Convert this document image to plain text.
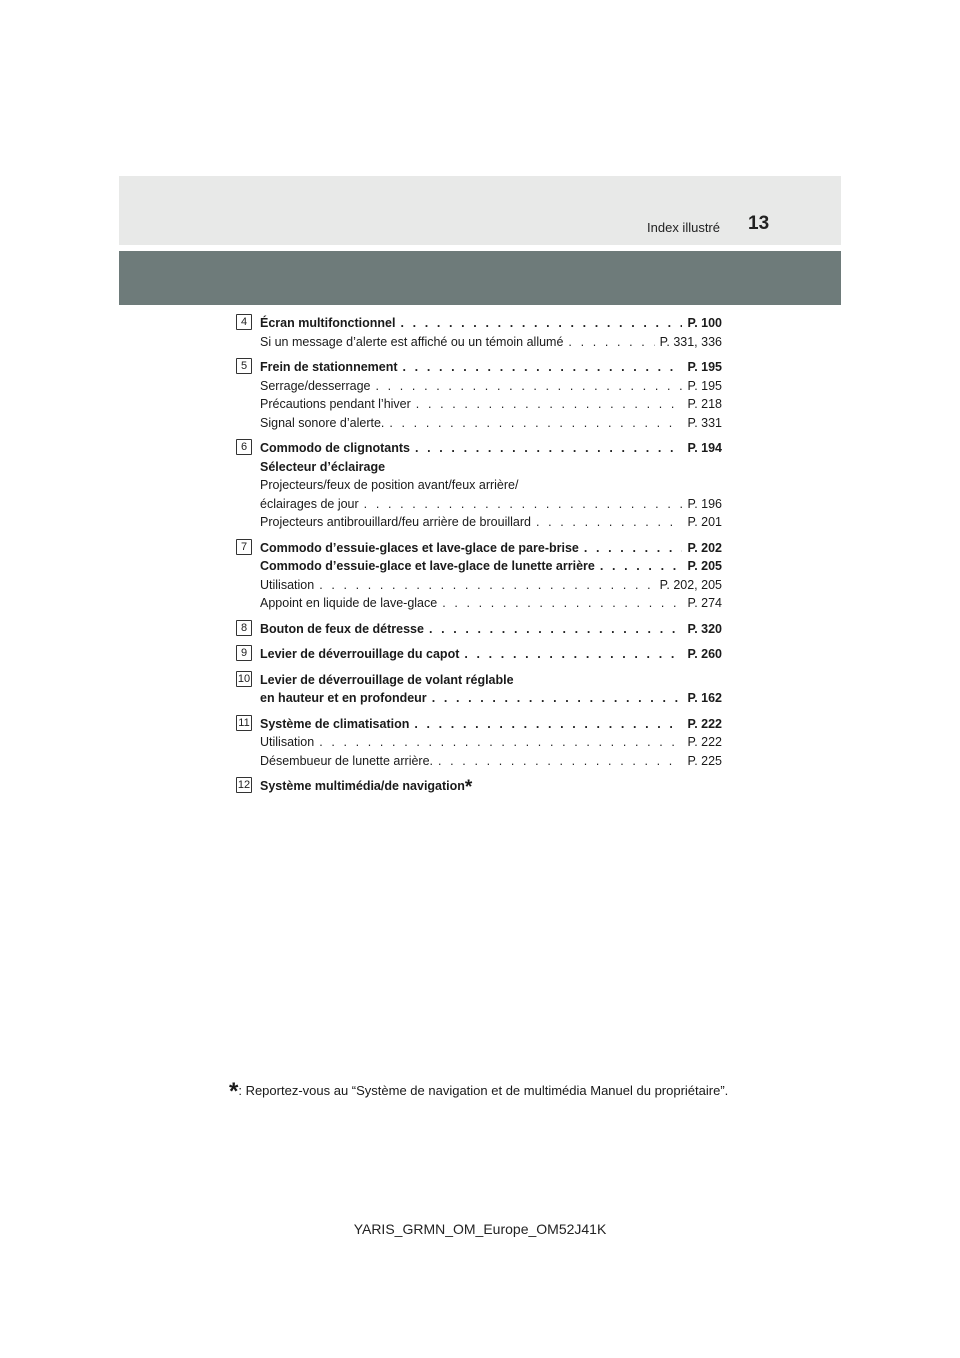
Index illustré 13
4	Écran multifonctionnel . . .	P. 100
Si un message d’alerte est affiché ou un témoin allumé . . .	P. 331, 336
5	Frein de stationnement . . .	P. 195
Serrage/desserrage . . .	P. 195
Précautions pendant l’hiver . . .	P. 218
Signal sonore d’alerte. . . .	P. 331
6	Commodo de clignotants . . .	P. 194
Sélecteur d’éclairage
Projecteurs/feux de position avant/feux arrière/
éclairages de jour . . .	P. 196
Projecteurs antibrouillard/feu arrière de brouillard . . .	P. 201
7	Commodo d’essuie-glaces et lave-glace de pare-brise . . .	P. 202
Commodo d’essuie-glace et lave-glace de lunette arrière . . .	P. 205
Utilisation . . .	P. 202, 205
Appoint en liquide de lave-glace . . .	P. 274
8	Bouton de feux de détresse . . .	P. 320
9	Levier de déverrouillage du capot . . .	P. 260
10 Levier de déverrouillage de volant réglable
en hauteur et en profondeur . . .	P. 162
11 Système de climatisation . . .	P. 222
Utilisation . . .	P. 222
Désembueur de lunette arrière. . . .	P. 225
12 Système multimédia/de navigation*
*: Reportez-vous au “Système de navigation et de multimédia Manuel du propriétaire”.
YARIS_GRMN_OM_Europe_OM52J41K
